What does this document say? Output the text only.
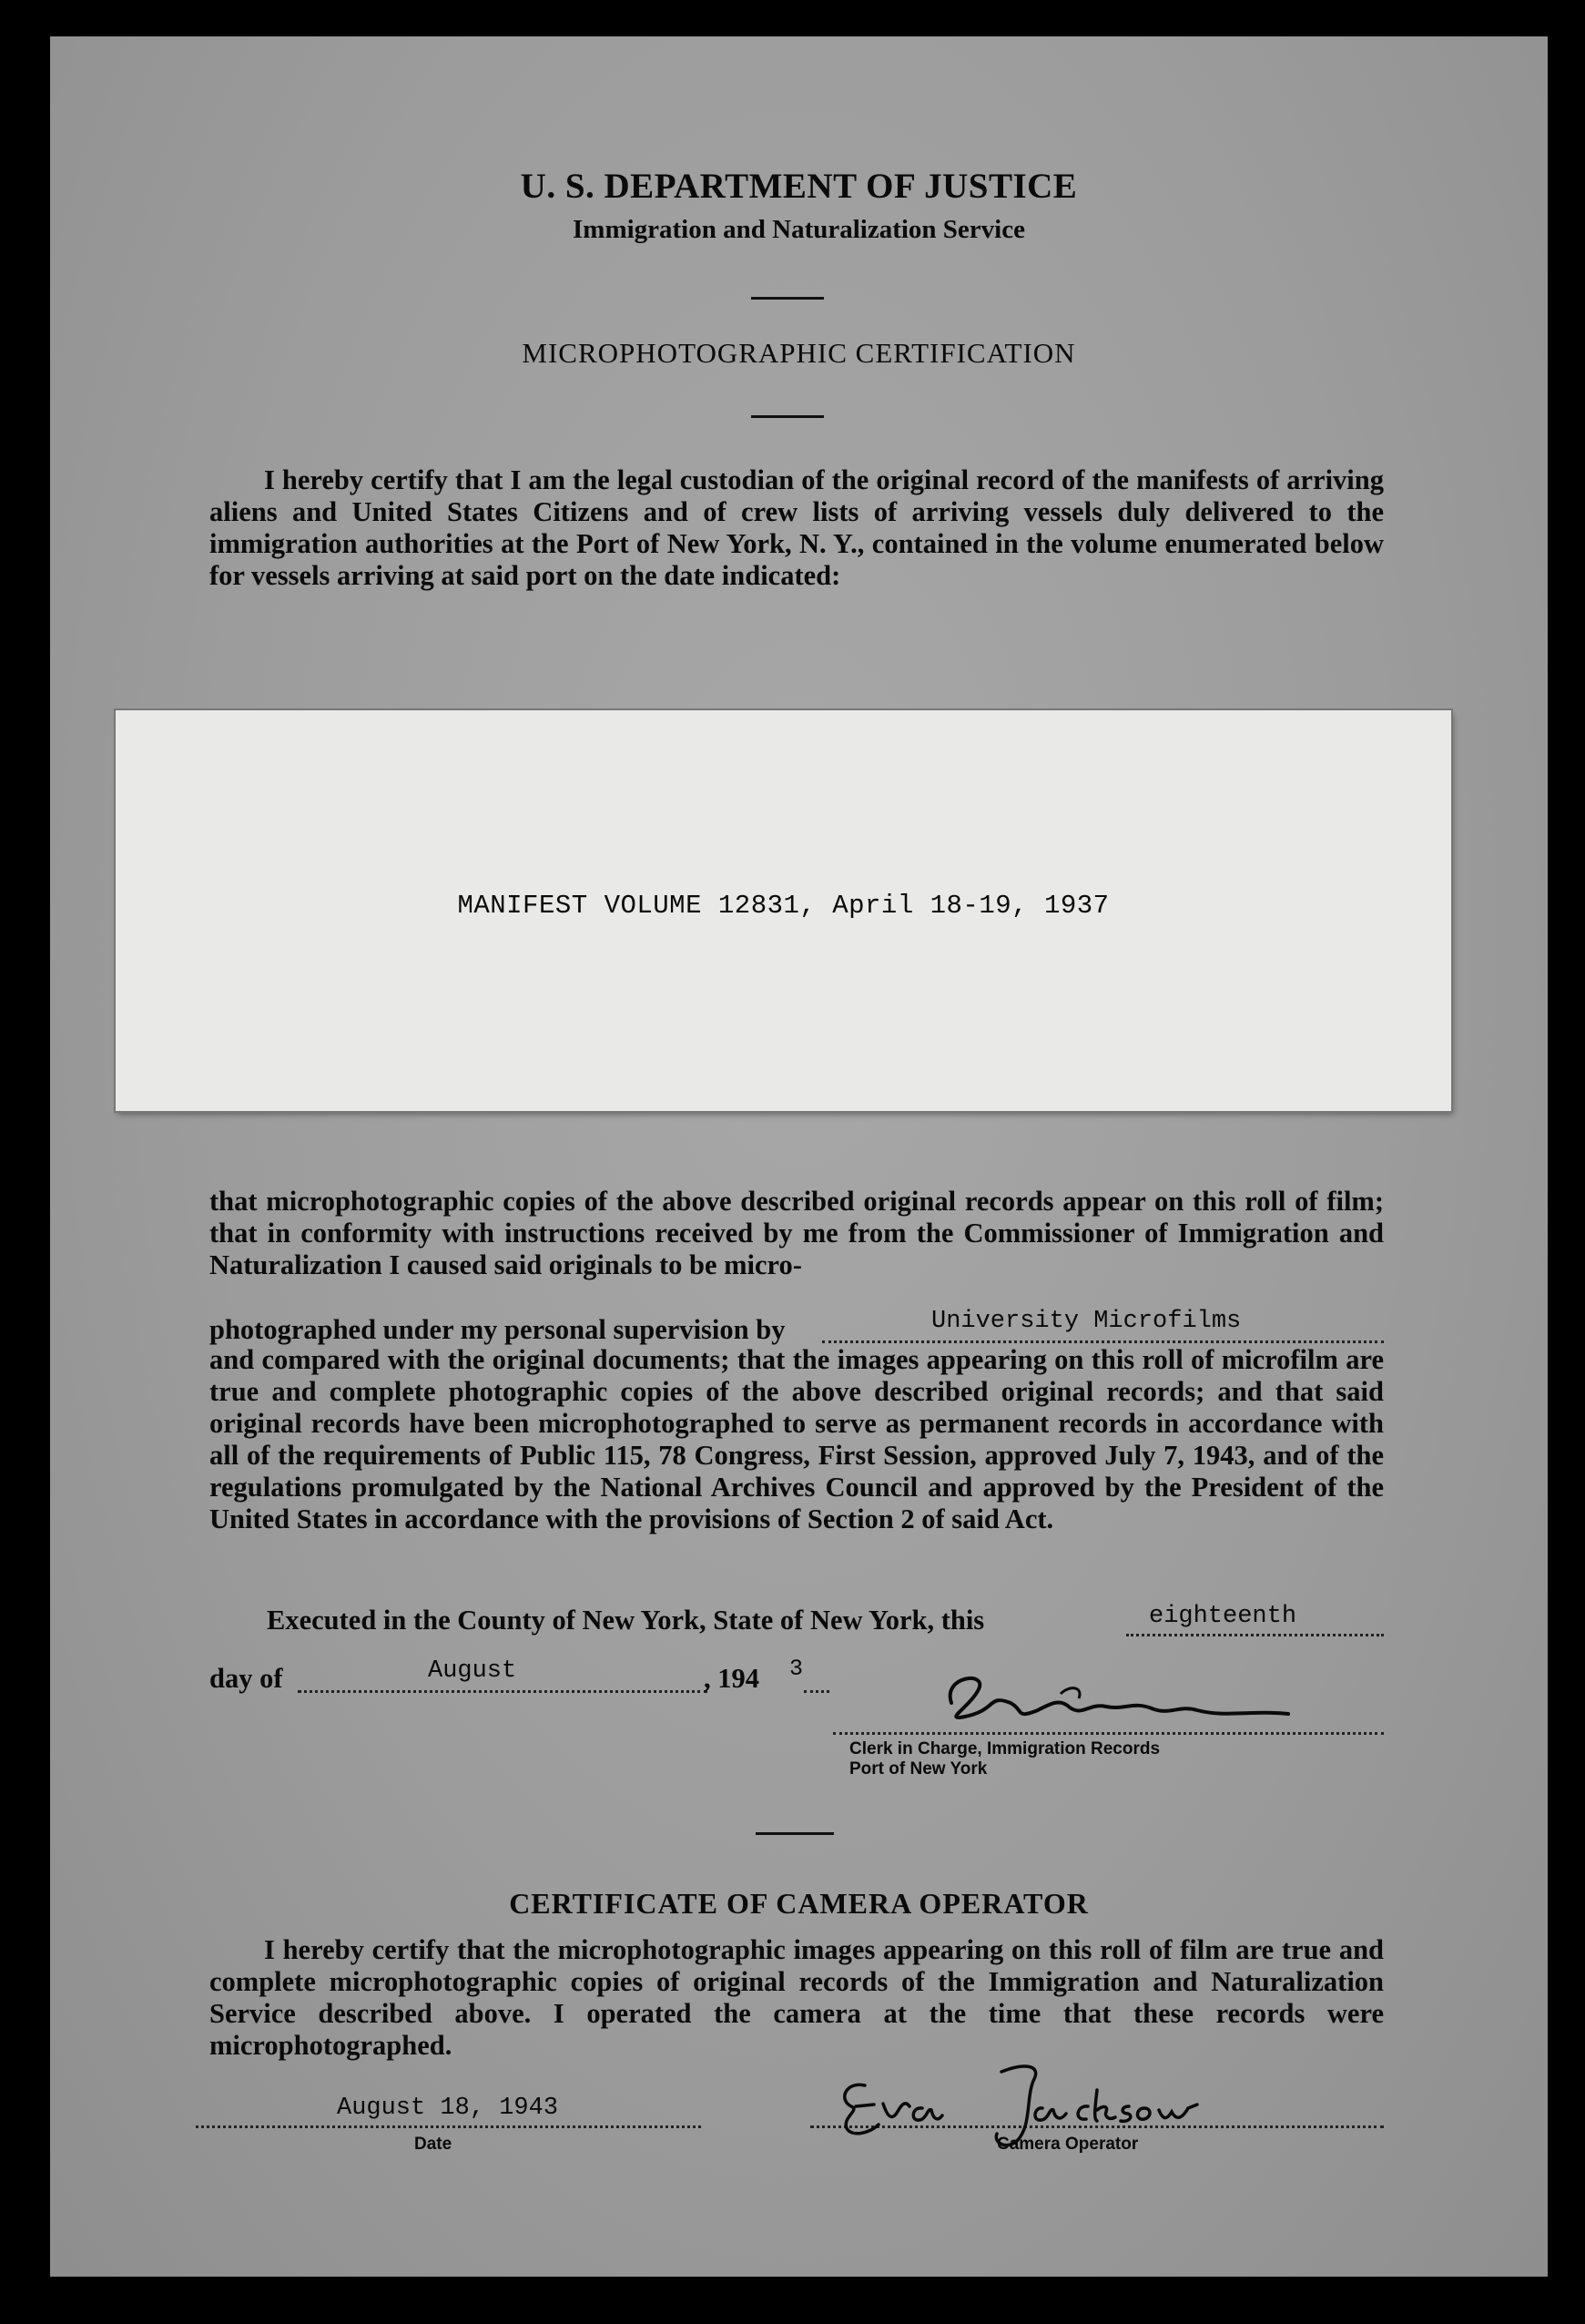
U. S. DEPARTMENT OF JUSTICE
Immigration and Naturalization Service
MICROPHOTOGRAPHIC CERTIFICATION
I hereby certify that I am the legal custodian of the original record of the manifests of arriving aliens and United States Citizens and of crew lists of arriving vessels duly delivered to the immigration authorities at the Port of New York, N. Y., contained in the volume enumerated below for vessels arriving at said port on the date indicated:
MANIFEST VOLUME 12831, April 18-19, 1937
that microphotographic copies of the above described original records appear on this roll of film; that in conformity with instructions received by me from the Commissioner of Immigration and Naturalization I caused said originals to be micro-
photographed under my personal supervision by	University Microfilms
and compared with the original documents; that the images appearing on this roll of microfilm are true and complete photographic copies of the above described original records; and that said original records have been microphotographed to serve as permanent records in accordance with all of the requirements of Public 115, 78 Congress, First Session, approved July 7, 1943, and of the regulations promulgated by the National Archives Council and approved by the President of the United States in accordance with the provisions of Section 2 of said Act.
Executed in the County of New York, State of New York, this	eighteenth
day of	August	, 194 3
Clerk in Charge, Immigration Records
Port of New York
CERTIFICATE OF CAMERA OPERATOR
I hereby certify that the microphotographic images appearing on this roll of film are true and complete microphotographic copies of original records of the Immigration and Naturalization Service described above. I operated the camera at the time that these records were microphotographed.
August 18, 1943
Date	Camera Operator
